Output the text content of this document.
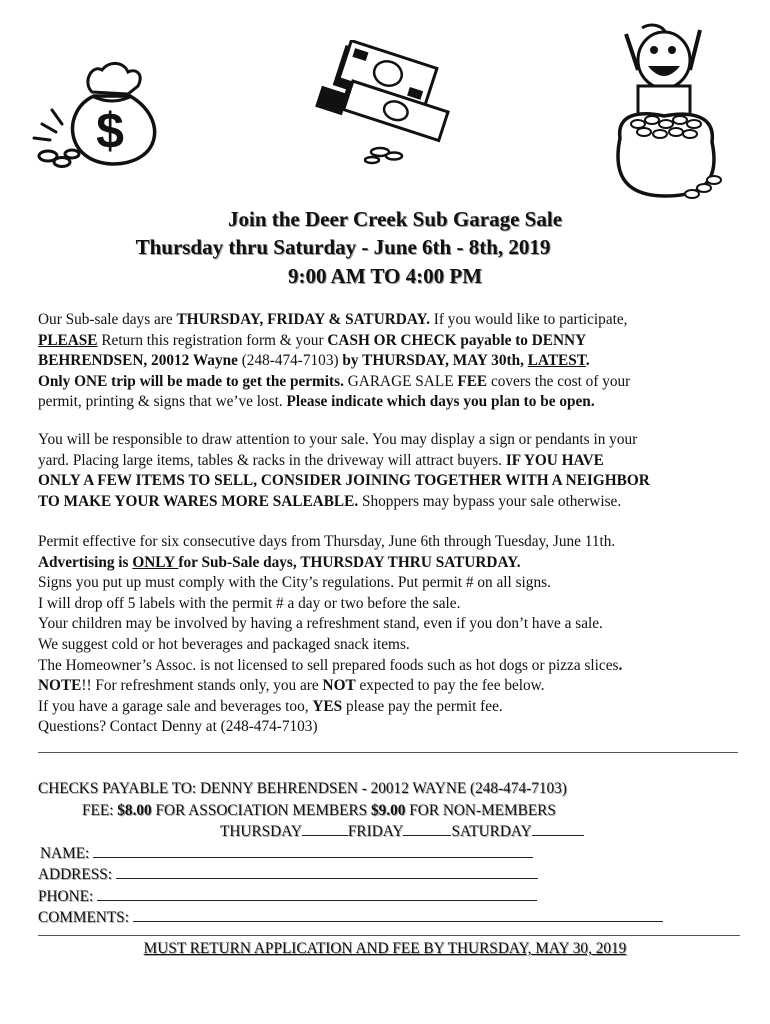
$
Join the Deer Creek Sub Garage Sale
Thursday thru Saturday - June 6th - 8th, 2019
9:00 AM TO 4:00 PM
Our Sub-sale days are THURSDAY, FRIDAY & SATURDAY. If you would like to participate,
PLEASE Return this registration form & your CASH OR CHECK payable to DENNY
BEHRENDSEN, 20012 Wayne (248-474-7103) by THURSDAY, MAY 30th, LATEST.
Only ONE trip will be made to get the permits. GARAGE SALE FEE covers the cost of your
permit, printing & signs that we’ve lost. Please indicate which days you plan to be open.
You will be responsible to draw attention to your sale. You may display a sign or pendants in your
yard. Placing large items, tables & racks in the driveway will attract buyers. IF YOU HAVE
ONLY A FEW ITEMS TO SELL, CONSIDER JOINING TOGETHER WITH A NEIGHBOR
TO MAKE YOUR WARES MORE SALEABLE. Shoppers may bypass your sale otherwise.
Permit effective for six consecutive days from Thursday, June 6th through Tuesday, June 11th.
Advertising is ONLY for Sub-Sale days, THURSDAY THRU SATURDAY.
Signs you put up must comply with the City’s regulations. Put permit # on all signs.
I will drop off 5 labels with the permit # a day or two before the sale.
Your children may be involved by having a refreshment stand, even if you don’t have a sale.
We suggest cold or hot beverages and packaged snack items.
The Homeowner’s Assoc. is not licensed to sell prepared foods such as hot dogs or pizza slices.
NOTE!! For refreshment stands only, you are NOT expected to pay the fee below.
If you have a garage sale and beverages too, YES please pay the permit fee.
Questions? Contact Denny at (248-474-7103)
CHECKS PAYABLE TO: DENNY BEHRENDSEN - 20012 WAYNE (248-474-7103)
FEE: $8.00 FOR ASSOCIATION MEMBERS $9.00 FOR NON-MEMBERS
THURSDAY	FRIDAY	SATURDAY
NAME:
ADDRESS:
PHONE:
COMMENTS:
MUST RETURN APPLICATION AND FEE BY THURSDAY, MAY 30, 2019
